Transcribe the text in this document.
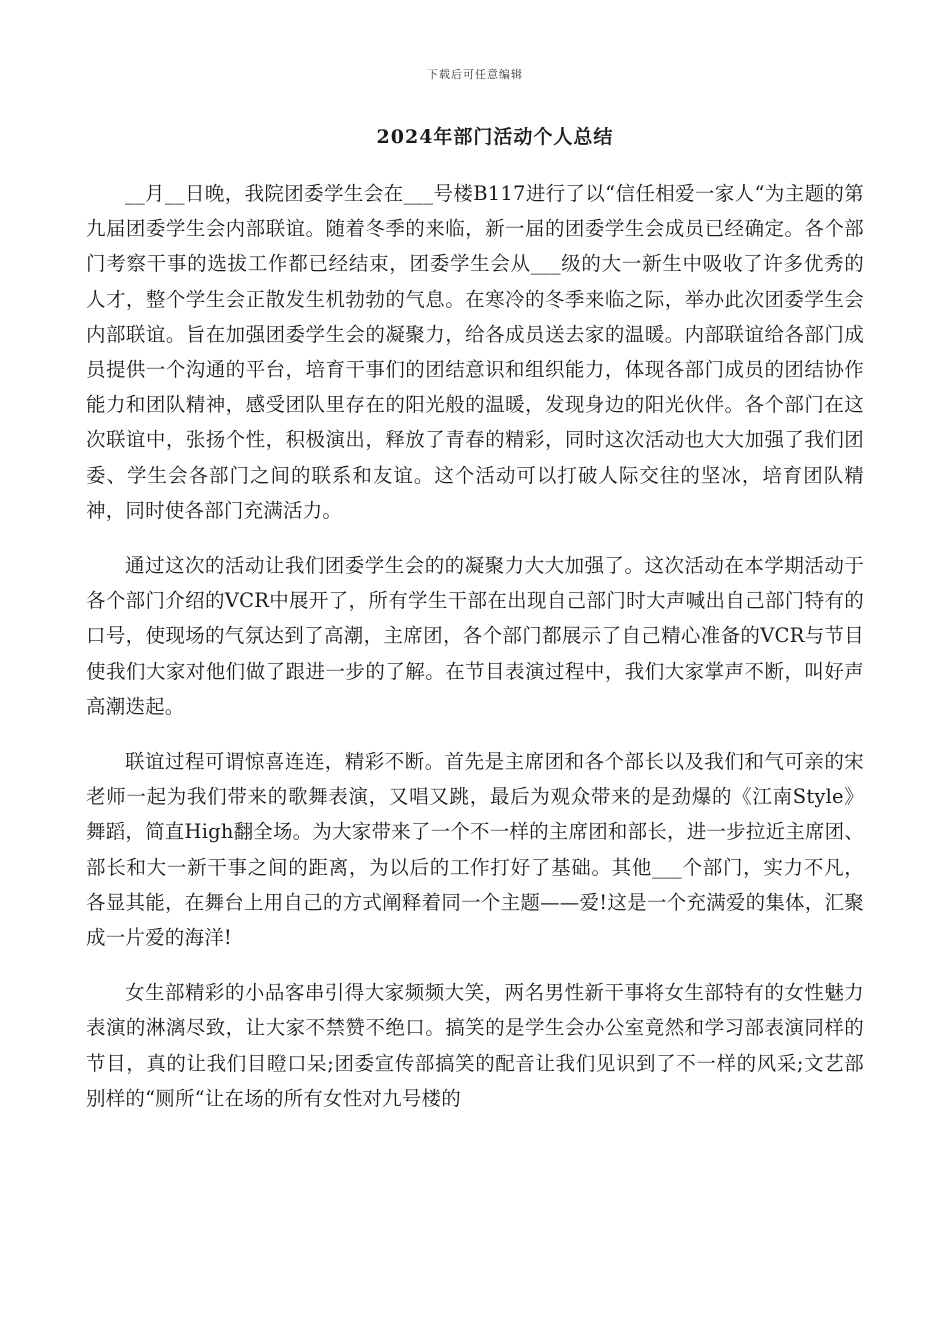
下载后可任意编辑
2024年部门活动个人总结

__月__日晚，我院团委学生会在___号楼B117进行了以“信任相爱一家人“为主题的第九届团委学生会内部联谊。随着冬季的来临，新一届的团委学生会成员已经确定。各个部门考察干事的选拔工作都已经结束，团委学生会从___级的大一新生中吸收了许多优秀的人才，整个学生会正散发生机勃勃的气息。在寒冷的冬季来临之际，举办此次团委学生会内部联谊。旨在加强团委学生会的凝聚力，给各成员送去家的温暖。内部联谊给各部门成员提供一个沟通的平台，培育干事们的团结意识和组织能力，体现各部门成员的团结协作能力和团队精神，感受团队里存在的阳光般的温暖，发现身边的阳光伙伴。各个部门在这次联谊中，张扬个性，积极演出，释放了青春的精彩，同时这次活动也大大加强了我们团委、学生会各部门之间的联系和友谊。这个活动可以打破人际交往的坚冰，培育团队精神，同时使各部门充满活力。

通过这次的活动让我们团委学生会的的凝聚力大大加强了。这次活动在本学期活动于各个部门介绍的VCR中展开了，所有学生干部在出现自己部门时大声喊出自己部门特有的口号，使现场的气氛达到了高潮，主席团，各个部门都展示了自己精心准备的VCR与节目使我们大家对他们做了跟进一步的了解。在节目表演过程中，我们大家掌声不断，叫好声高潮迭起。

联谊过程可谓惊喜连连，精彩不断。首先是主席团和各个部长以及我们和气可亲的宋老师一起为我们带来的歌舞表演，又唱又跳，最后为观众带来的是劲爆的《江南Style》舞蹈，简直High翻全场。为大家带来了一个不一样的主席团和部长，进一步拉近主席团、部长和大一新干事之间的距离，为以后的工作打好了基础。其他___个部门，实力不凡，各显其能，在舞台上用自己的方式阐释着同一个主题——爱!这是一个充满爱的集体，汇聚成一片爱的海洋!

女生部精彩的小品客串引得大家频频大笑，两名男性新干事将女生部特有的女性魅力表演的淋漓尽致，让大家不禁赞不绝口。搞笑的是学生会办公室竟然和学习部表演同样的节目，真的让我们目瞪口呆;团委宣传部搞笑的配音让我们见识到了不一样的风采;文艺部别样的“厕所“让在场的所有女性对九号楼的
